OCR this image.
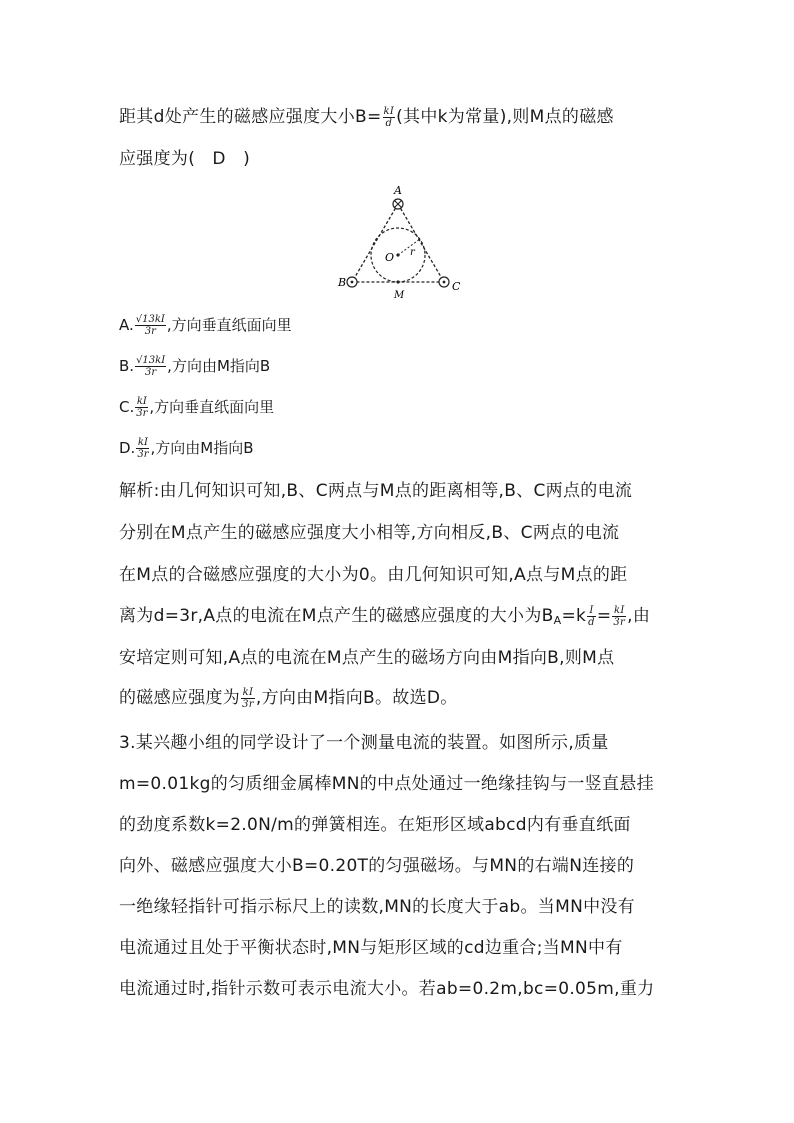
距其d处产生的磁感应强度大小$B= \frac{kI}{d}$ (其中k为常量),则M点的磁感
应强度为(　D　)
A
B	C
O
M
r
A. $\frac{√13kI}{3r}$ ,方向垂直纸面向里
B. $\frac{√13kI}{3r}$ ,方向由M指向B
C. $\frac{kI}{3r}$ ,方向垂直纸面向里
D. $\frac{kI}{3r}$ ,方向由M指向B
解析:由几何知识可知,B、C两点与M点的距离相等,B、C两点的电流
分别在M点产生的磁感应强度大小相等,方向相反,B、C两点的电流
在M点的合磁感应强度的大小为0。由几何知识可知,A点与M点的距
离为d=3r,A点的电流在M点产生的磁感应强度的大小为$B_A=k \frac{I}{d} = \frac{kI}{3r}$ ,由
安培定则可知,A点的电流在M点产生的磁场方向由M指向B,则M点
的磁感应强度为 $\frac{kI}{3r}$ ,方向由M指向B。故选D。
3.某兴趣小组的同学设计了一个测量电流的装置。如图所示,质量
m=0.01kg的匀质细金属棒MN的中点处通过一绝缘挂钩与一竖直悬挂
的劲度系数k=2.0N/m的弹簧相连。在矩形区域abcd内有垂直纸面
向外、磁感应强度大小B=0.20T的匀强磁场。与MN的右端N连接的
一绝缘轻指针可指示标尺上的读数,MN的长度大于ab。当MN中没有
电流通过且处于平衡状态时,MN与矩形区域的cd边重合;当MN中有
电流通过时,指针示数可表示电流大小。若ab=0.2m,bc=0.05m,重力
